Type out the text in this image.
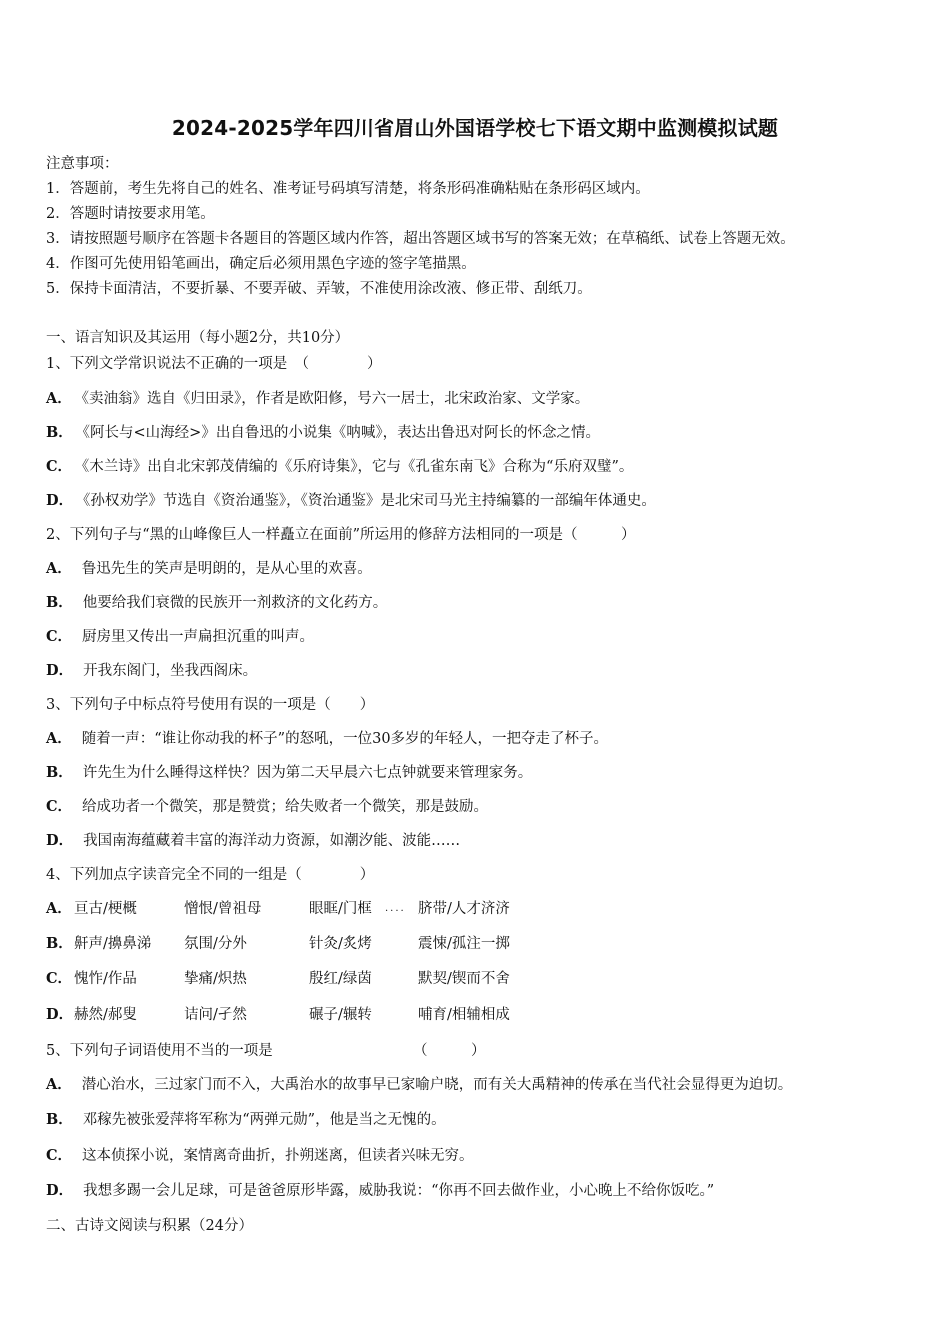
2024-2025学年四川省眉山外国语学校七下语文期中监测模拟试题
注意事项：
1．答题前，考生先将自己的姓名、准考证号码填写清楚，将条形码准确粘贴在条形码区域内。
2．答题时请按要求用笔。
3．请按照题号顺序在答题卡各题目的答题区域内作答，超出答题区域书写的答案无效；在草稿纸、试卷上答题无效。
4．作图可先使用铅笔画出，确定后必须用黑色字迹的签字笔描黑。
5．保持卡面清洁，不要折暴、不要弄破、弄皱，不准使用涂改液、修正带、刮纸刀。
一、语言知识及其运用（每小题2分，共10分）
1、下列文学常识说法不正确的一项是　（　　　　）
A． 《卖油翁》选自《归田录》，作者是欧阳修，号六一居士，北宋政治家、文学家。
B． 《阿长与<山海经>》出自鲁迅的小说集《呐喊》，表达出鲁迅对阿长的怀念之情。
C． 《木兰诗》出自北宋郭茂倩编的《乐府诗集》，它与《孔雀东南飞》合称为“乐府双璧”。
D． 《孙权劝学》节选自《资治通鉴》，《资治通鉴》是北宋司马光主持编纂的一部编年体通史。
2、下列句子与“黑的山峰像巨人一样矗立在面前”所运用的修辞方法相同的一项是（　　　）
A． 鲁迅先生的笑声是明朗的，是从心里的欢喜。
B． 他要给我们衰微的民族开一剂救济的文化药方。
C． 厨房里又传出一声扁担沉重的叫声。
D． 开我东阁门，坐我西阁床。
3、下列句子中标点符号使用有误的一项是（　　）
A． 随着一声：“谁让你动我的杯子”的怒吼，一位30多岁的年轻人，一把夺走了杯子。
B． 许先生为什么睡得这样快？因为第二天早晨六七点钟就要来管理家务。
C． 给成功者一个微笑，那是赞赏；给失败者一个微笑，那是鼓励。
D． 我国南海蕴藏着丰富的海洋动力资源，如潮汐能、波能……
4、下列加点字读音完全不同的一组是（　　　　）
A． 亘古/梗概	憎恨/曾祖母	眼眶/门框 .... 脐带/人才济济
B． 鼾声/擤鼻涕 氛围/分外	针灸/炙烤	震悚/孤注一掷
C． 愧怍/作品	挚痛/炽热	殷红/绿茵	默契/锲而不舍
D． 赫然/郝叟	诘问/孑然	碾子/辗转	哺育/相辅相成
5、下列句子词语使用不当的一项是	（　　　）
A． 潜心治水，三过家门而不入，大禹治水的故事早已家喻户晓，而有关大禹精神的传承在当代社会显得更为迫切。
B． 邓稼先被张爱萍将军称为“两弹元勋”，他是当之无愧的。
C． 这本侦探小说，案情离奇曲折，扑朔迷离，但读者兴味无穷。
D． 我想多踢一会儿足球，可是爸爸原形毕露，威胁我说：“你再不回去做作业，小心晚上不给你饭吃。”
二、古诗文阅读与积累（24分）
